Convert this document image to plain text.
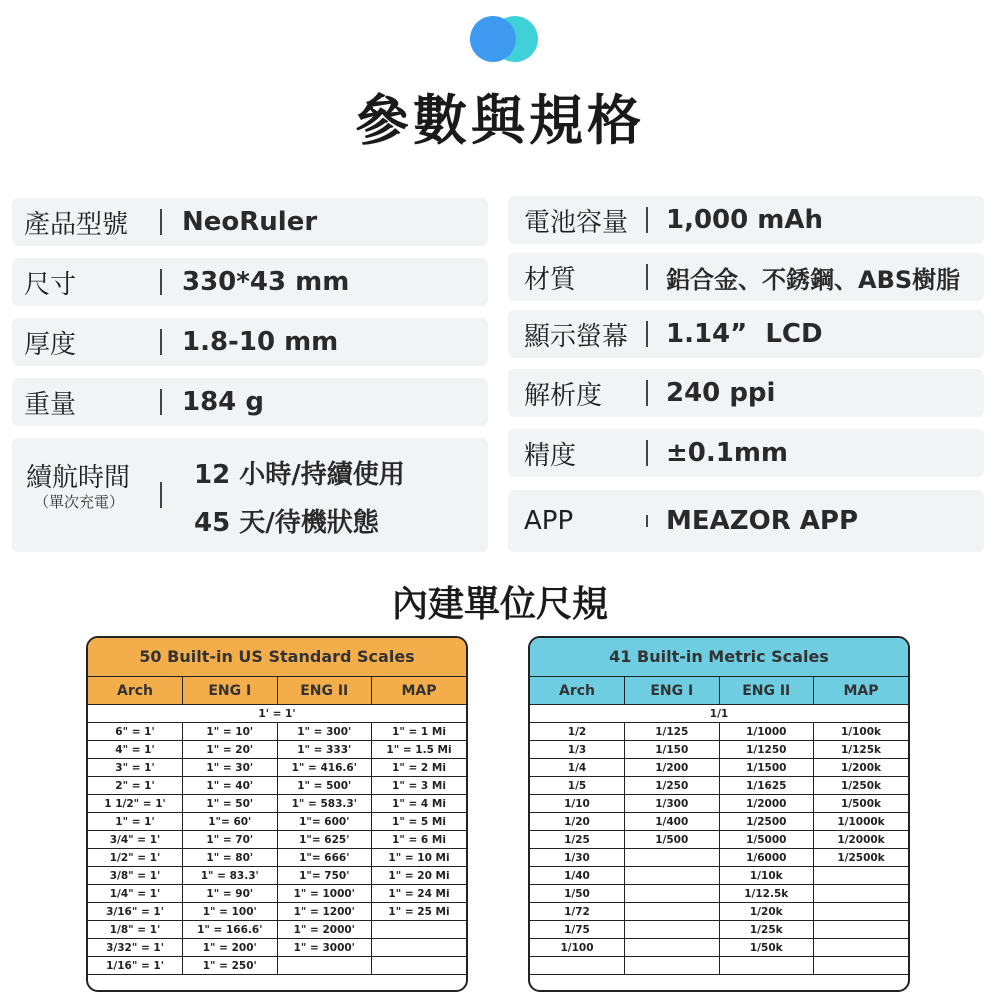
參數與規格
產品型號 NeoRuler
尺寸	330*43 mm
厚度	1.8-10 mm
重量	184 g
續航時間
（單次充電）
12 小時/持續使用
45 天/待機狀態
電池容量 1,000 mAh
材質	鋁合金、不銹鋼、ABS樹脂
顯示螢幕 1.14”  LCD
解析度 240 ppi
精度	±0.1mm
APP	MEAZOR APP
內建單位尺規
50 Built-in US Standard Scales
Arch	ENG I	ENG II	MAP
1' = 1'			
6" = 1'	1" = 10'	1" = 300'	1" = 1 Mi
4" = 1'	1" = 20'	1" = 333'	1" = 1.5 Mi
3" = 1'	1" = 30'	1" = 416.6'	1" = 2 Mi
2" = 1'	1" = 40'	1" = 500'	1" = 3 Mi
1 1/2" = 1'	1" = 50'	1" = 583.3'	1" = 4 Mi
1" = 1'	1"= 60'	1"= 600'	1" = 5 Mi
3/4" = 1'	1" = 70'	1"= 625'	1" = 6 Mi
1/2" = 1'	1" = 80'	1"= 666'	1" = 10 Mi
3/8" = 1'	1" = 83.3'	1"= 750'	1" = 20 Mi
1/4" = 1'	1" = 90'	1" = 1000'	1" = 24 Mi
3/16" = 1'	1" = 100'	1" = 1200'	1" = 25 Mi
1/8" = 1'	1" = 166.6'	1" = 2000'	
3/32" = 1'	1" = 200'	1" = 3000'	
1/16" = 1'	1" = 250'		
41 Built-in Metric Scales
Arch	ENG I	ENG II	MAP
1/1			
1/2	1/125	1/1000	1/100k
1/3	1/150	1/1250	1/125k
1/4	1/200	1/1500	1/200k
1/5	1/250	1/1625	1/250k
1/10	1/300	1/2000	1/500k
1/20	1/400	1/2500	1/1000k
1/25	1/500	1/5000	1/2000k
1/30		1/6000	1/2500k
1/40		1/10k	
1/50		1/12.5k	
1/72		1/20k	
1/75		1/25k	
1/100		1/50k	
